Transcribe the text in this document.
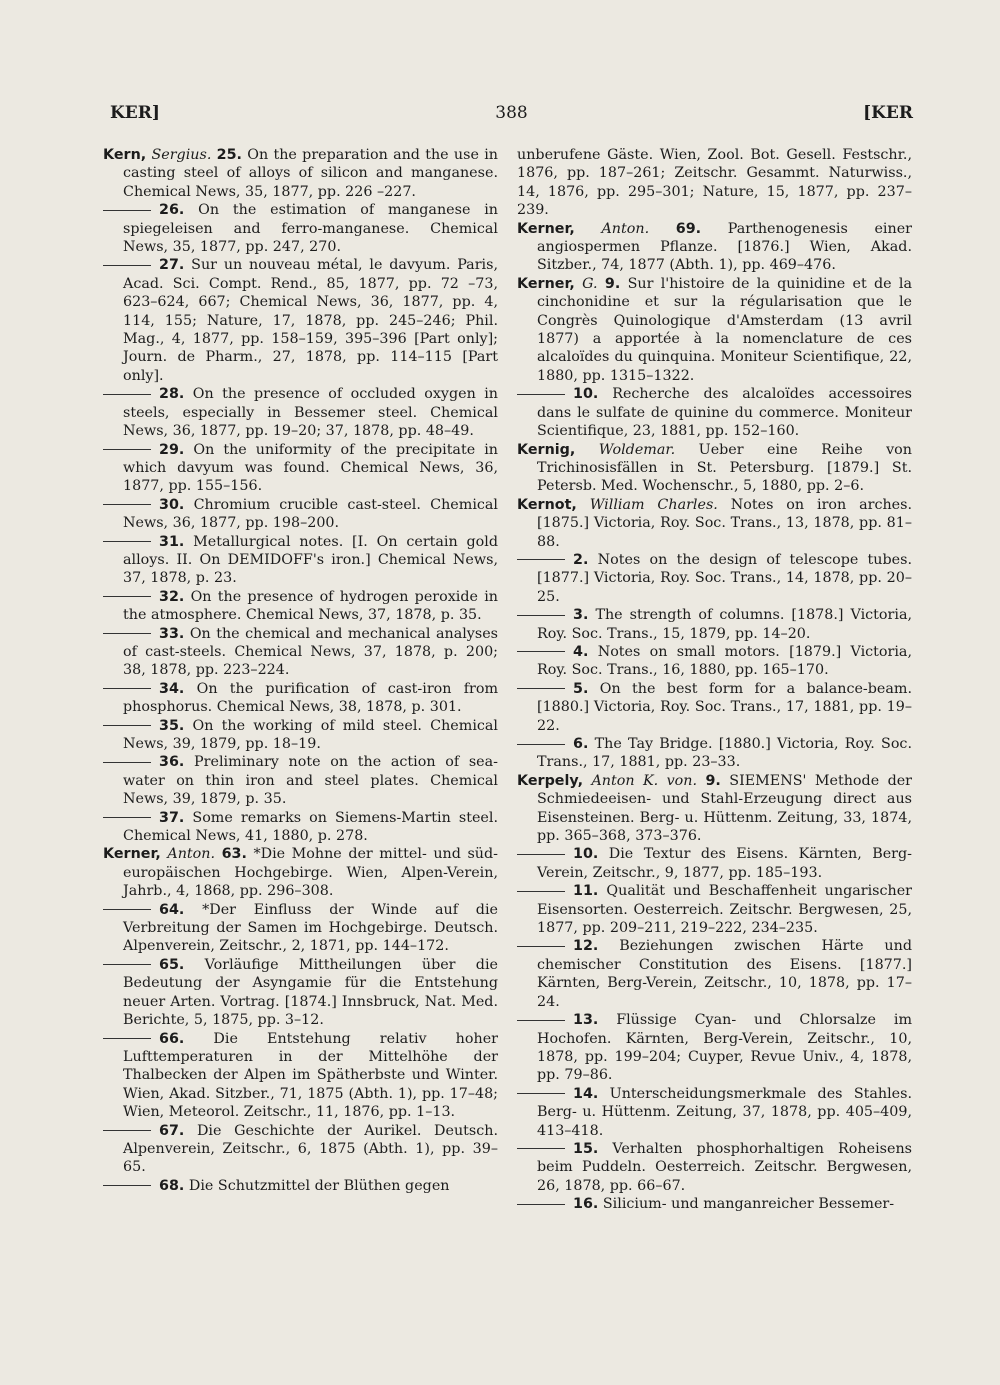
KER]	388	[KER

Kern, Sergius. 25. On the preparation and the use in casting steel of alloys of silicon and manganese. Chemical News, 35, 1877, pp. 226 –227.

26. On the estimation of manganese in spiegeleisen and ferro-manganese. Chemical News, 35, 1877, pp. 247, 270.

27. Sur un nouveau métal, le davyum. Paris, Acad. Sci. Compt. Rend., 85, 1877, pp. 72 –73, 623–624, 667; Chemical News, 36, 1877, pp. 4, 114, 155; Nature, 17, 1878, pp. 245–246; Phil. Mag., 4, 1877, pp. 158–159, 395–396 [Part only]; Journ. de Pharm., 27, 1878, pp. 114–115 [Part only].

28. On the presence of occluded oxygen in steels, especially in Bessemer steel. Chemical News, 36, 1877, pp. 19–20; 37, 1878, pp. 48–49.

29. On the uniformity of the precipitate in which davyum was found. Chemical News, 36, 1877, pp. 155–156.

30. Chromium crucible cast-steel. Chemical News, 36, 1877, pp. 198–200.

31. Metallurgical notes. [I. On certain gold alloys. II. On DEMIDOFF's iron.] Chemical News, 37, 1878, p. 23.

32. On the presence of hydrogen peroxide in the atmosphere. Chemical News, 37, 1878, p. 35.

33. On the chemical and mechanical analyses of cast-steels. Chemical News, 37, 1878, p. 200; 38, 1878, pp. 223–224.

34. On the purification of cast-iron from phosphorus. Chemical News, 38, 1878, p. 301.

35. On the working of mild steel. Chemical News, 39, 1879, pp. 18–19.

36. Preliminary note on the action of sea-water on thin iron and steel plates. Chemical News, 39, 1879, p. 35.

37. Some remarks on Siemens-Martin steel. Chemical News, 41, 1880, p. 278.

Kerner, Anton. 63. *Die Mohne der mittel- und süd-europäischen Hochgebirge. Wien, Alpen-Verein, Jahrb., 4, 1868, pp. 296–308.

64. *Der Einfluss der Winde auf die Verbreitung der Samen im Hochgebirge. Deutsch. Alpenverein, Zeitschr., 2, 1871, pp. 144–172.

65. Vorläufige Mittheilungen über die Bedeutung der Asyngamie für die Entstehung neuer Arten. Vortrag. [1874.] Innsbruck, Nat. Med. Berichte, 5, 1875, pp. 3–12.

66. Die Entstehung relativ hoher Lufttemperaturen in der Mittelhöhe der Thalbecken der Alpen im Spätherbste und Winter. Wien, Akad. Sitzber., 71, 1875 (Abth. 1), pp. 17–48; Wien, Meteorol. Zeitschr., 11, 1876, pp. 1–13.

67. Die Geschichte der Aurikel. Deutsch. Alpenverein, Zeitschr., 6, 1875 (Abth. 1), pp. 39–65.

68. Die Schutzmittel der Blüthen gegen

unberufene Gäste. Wien, Zool. Bot. Gesell. Festschr., 1876, pp. 187–261; Zeitschr. Gesammt. Naturwiss., 14, 1876, pp. 295–301; Nature, 15, 1877, pp. 237–239.

Kerner, Anton. 69. Parthenogenesis einer angiospermen Pflanze. [1876.] Wien, Akad. Sitzber., 74, 1877 (Abth. 1), pp. 469–476.

Kerner, G. 9. Sur l'histoire de la quinidine et de la cinchonidine et sur la régularisation que le Congrès Quinologique d'Amsterdam (13 avril 1877) a apportée à la nomenclature de ces alcaloïdes du quinquina. Moniteur Scientifique, 22, 1880, pp. 1315–1322.

10. Recherche des alcaloïdes accessoires dans le sulfate de quinine du commerce. Moniteur Scientifique, 23, 1881, pp. 152–160.

Kernig, Woldemar. Ueber eine Reihe von Trichinosisfällen in St. Petersburg. [1879.] St. Petersb. Med. Wochenschr., 5, 1880, pp. 2–6.

Kernot, William Charles. Notes on iron arches. [1875.] Victoria, Roy. Soc. Trans., 13, 1878, pp. 81–88.

2. Notes on the design of telescope tubes. [1877.] Victoria, Roy. Soc. Trans., 14, 1878, pp. 20–25.

3. The strength of columns. [1878.] Victoria, Roy. Soc. Trans., 15, 1879, pp. 14–20.

4. Notes on small motors. [1879.] Victoria, Roy. Soc. Trans., 16, 1880, pp. 165–170.

5. On the best form for a balance-beam. [1880.] Victoria, Roy. Soc. Trans., 17, 1881, pp. 19–22.

6. The Tay Bridge. [1880.] Victoria, Roy. Soc. Trans., 17, 1881, pp. 23–33.

Kerpely, Anton K. von. 9. SIEMENS' Methode der Schmiedeeisen- und Stahl-Erzeugung direct aus Eisensteinen. Berg- u. Hüttenm. Zeitung, 33, 1874, pp. 365–368, 373–376.

10. Die Textur des Eisens. Kärnten, Berg-Verein, Zeitschr., 9, 1877, pp. 185–193.

11. Qualität und Beschaffenheit ungarischer Eisensorten. Oesterreich. Zeitschr. Bergwesen, 25, 1877, pp. 209–211, 219–222, 234–235.

12. Beziehungen zwischen Härte und chemischer Constitution des Eisens. [1877.] Kärnten, Berg-Verein, Zeitschr., 10, 1878, pp. 17–24.

13. Flüssige Cyan- und Chlorsalze im Hochofen. Kärnten, Berg-Verein, Zeitschr., 10, 1878, pp. 199–204; Cuyper, Revue Univ., 4, 1878, pp. 79–86.

14. Unterscheidungsmerkmale des Stahles. Berg- u. Hüttenm. Zeitung, 37, 1878, pp. 405–409, 413–418.

15. Verhalten phosphorhaltigen Roheisens beim Puddeln. Oesterreich. Zeitschr. Bergwesen, 26, 1878, pp. 66–67.

16. Silicium- und manganreicher Bessemer-
